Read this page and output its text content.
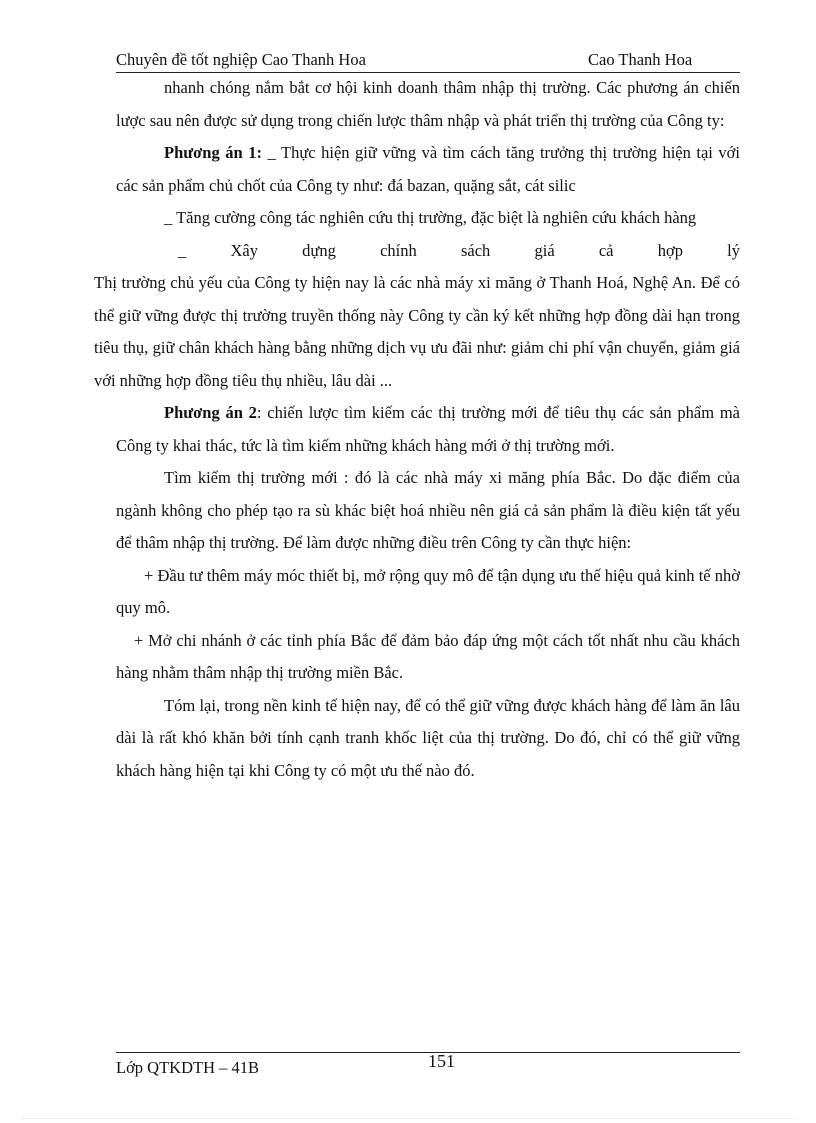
Chuyên đề tốt nghiệp Cao Thanh Hoa	Cao Thanh Hoa

nhanh chóng nắm bắt cơ hội kinh doanh thâm nhập thị trường. Các phương án chiến lược sau nên được sử dụng trong chiến lược thâm nhập và phát triển thị trường của Công ty:

Phương án 1: _ Thực hiện giữ vững và tìm cách tăng trưởng thị trường hiện tại với các sản phẩm chủ chốt của Công ty như: đá bazan, quặng sắt, cát silic

_ Tăng cường công tác nghiên cứu thị trường, đặc biệt là nghiên cứu khách hàng

_ Xây dựng chính sách giá cả hợp lý

Thị trường chủ yếu của Công ty hiện nay là các nhà máy xi măng ở Thanh Hoá, Nghệ An. Để có thể giữ vững được thị trường truyền thống này Công ty cần ký kết những hợp đồng dài hạn trong tiêu thụ, giữ chân khách hàng bằng những dịch vụ ưu đãi như: giảm chi phí vận chuyển, giảm giá với những hợp đồng tiêu thụ nhiều, lâu dài ...

Phương án 2: chiến lược tìm kiếm các thị trường mới để tiêu thụ các sản phẩm mà Công ty khai thác, tức là tìm kiếm những khách hàng mới ở thị trường mới.

Tìm kiếm thị trường mới : đó là các nhà máy xi măng phía Bắc. Do đặc điểm của ngành không cho phép tạo ra sù khác biệt hoá nhiều nên giá cả sản phẩm là điều kiện tất yếu để thâm nhập thị trường. Để làm được những điều trên Công ty cần thực hiện:

+ Đầu tư thêm máy móc thiết bị, mở rộng quy mô để tận dụng ưu thế hiệu quả kinh tế nhờ quy mô.

+ Mở chi nhánh ở các tỉnh phía Bắc để đảm bảo đáp ứng một cách tốt nhất nhu cầu khách hàng nhằm thâm nhập thị trường miền Bắc.

Tóm lại, trong nền kinh tế hiện nay, để có thể giữ vững được khách hàng để làm ăn lâu dài là rất khó khăn bởi tính cạnh tranh khốc liệt của thị trường. Do đó, chỉ có thể giữ vững khách hàng hiện tại khi Công ty có một ưu thế nào đó.

Lớp QTKDTH – 41B	151
